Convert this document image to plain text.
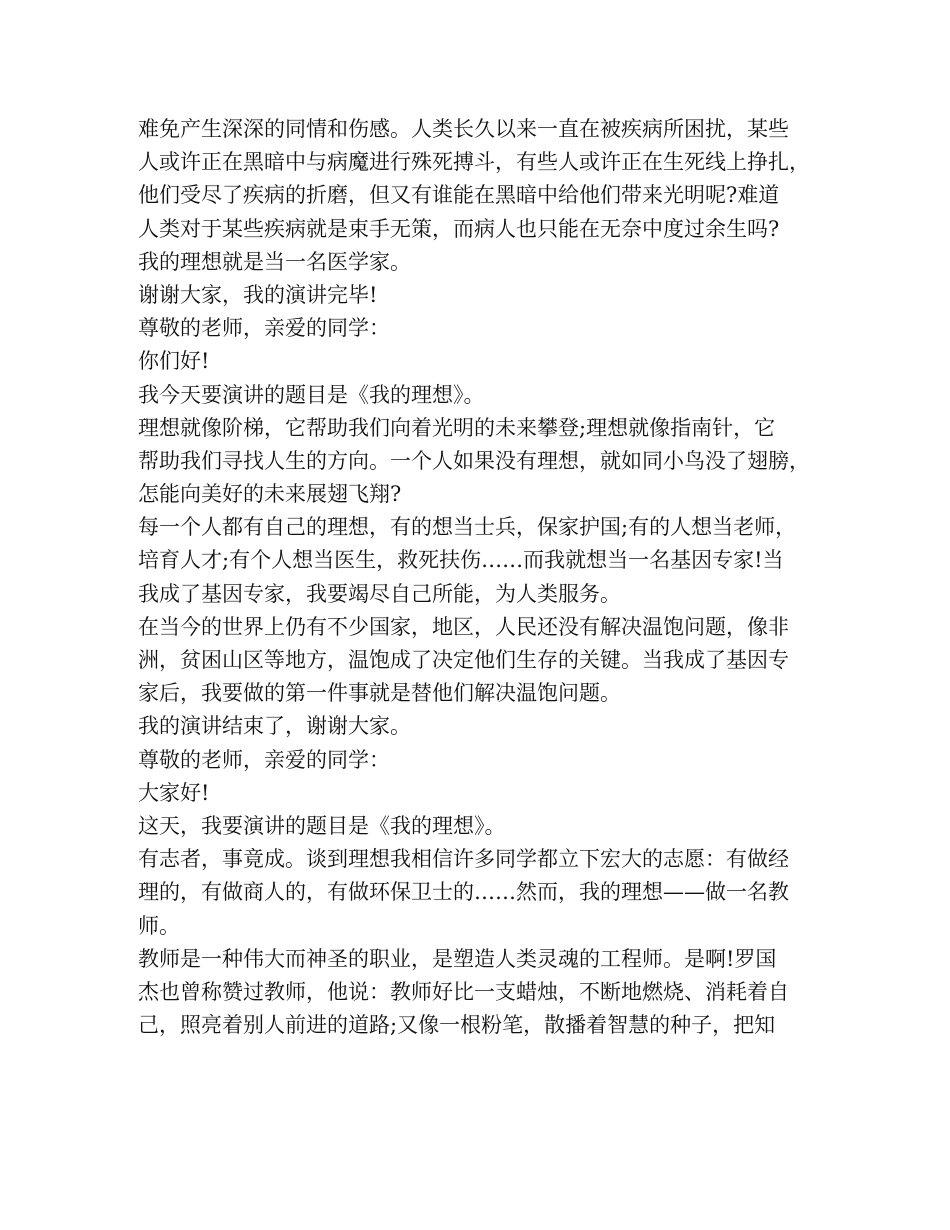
难免产生深深的同情和伤感。人类长久以来一直在被疾病所困扰，某些
人或许正在黑暗中与病魔进行殊死搏斗，有些人或许正在生死线上挣扎，
他们受尽了疾病的折磨，但又有谁能在黑暗中给他们带来光明呢?难道
人类对于某些疾病就是束手无策，而病人也只能在无奈中度过余生吗?
我的理想就是当一名医学家。
谢谢大家，我的演讲完毕!
尊敬的老师，亲爱的同学：
你们好!
我今天要演讲的题目是《我的理想》。
理想就像阶梯，它帮助我们向着光明的未来攀登;理想就像指南针，它
帮助我们寻找人生的方向。一个人如果没有理想，就如同小鸟没了翅膀，
怎能向美好的未来展翅飞翔?
每一个人都有自己的理想，有的想当士兵，保家护国;有的人想当老师，
培育人才;有个人想当医生，救死扶伤……而我就想当一名基因专家!当
我成了基因专家，我要竭尽自己所能，为人类服务。
在当今的世界上仍有不少国家，地区，人民还没有解决温饱问题，像非
洲，贫困山区等地方，温饱成了决定他们生存的关键。当我成了基因专
家后，我要做的第一件事就是替他们解决温饱问题。
我的演讲结束了，谢谢大家。
尊敬的老师，亲爱的同学：
大家好!
这天，我要演讲的题目是《我的理想》。
有志者，事竟成。谈到理想我相信许多同学都立下宏大的志愿：有做经
理的，有做商人的，有做环保卫士的……然而，我的理想——做一名教
师。
教师是一种伟大而神圣的职业，是塑造人类灵魂的工程师。是啊!罗国
杰也曾称赞过教师，他说：教师好比一支蜡烛，不断地燃烧、消耗着自
己，照亮着别人前进的道路;又像一根粉笔，散播着智慧的种子，把知
